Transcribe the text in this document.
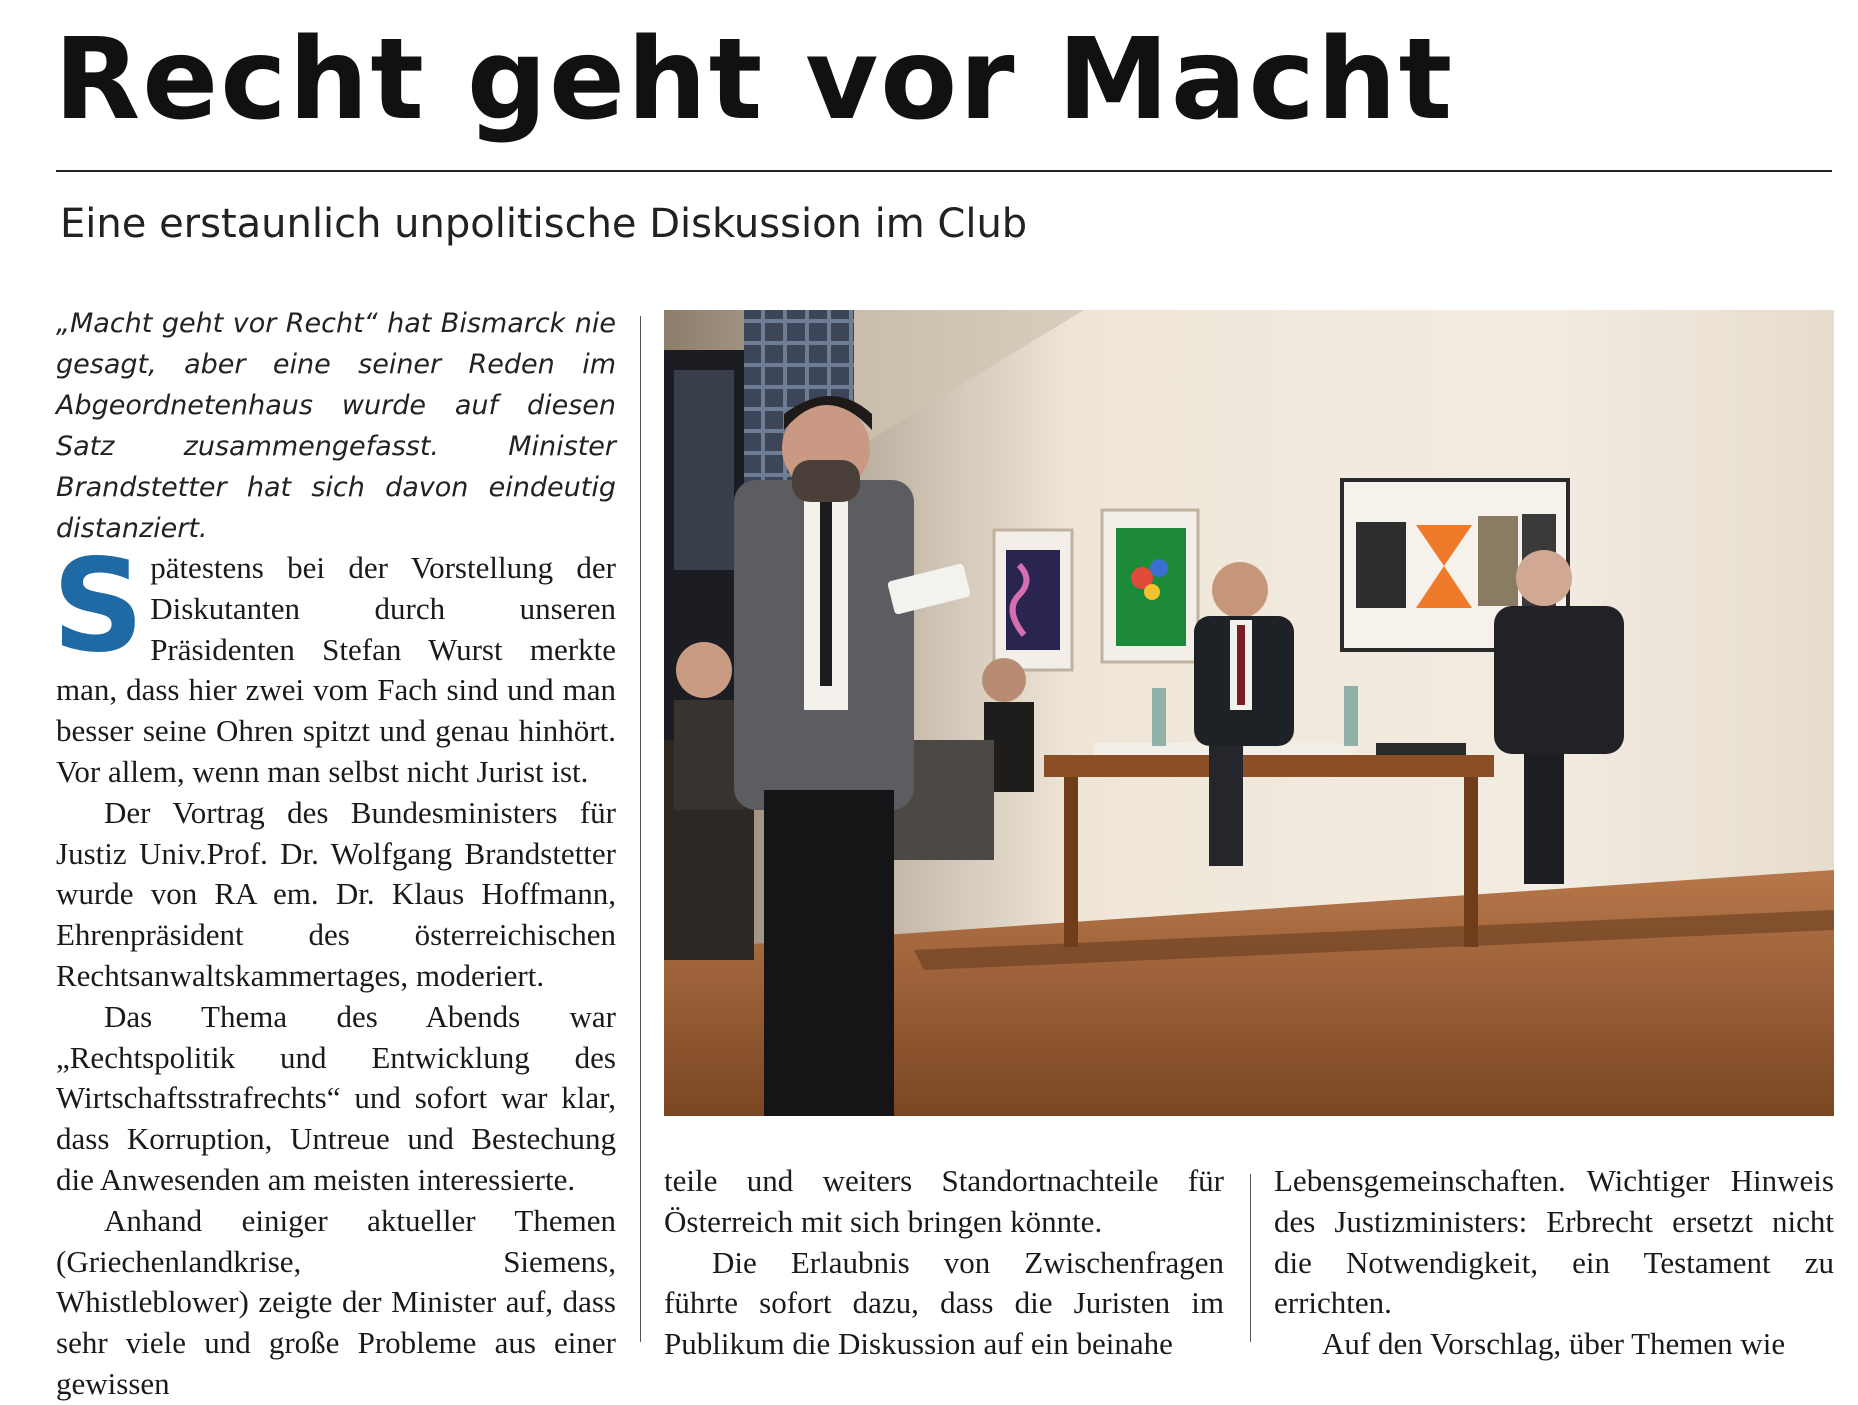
Recht geht vor Macht
Eine erstaunlich unpolitische Diskussion im Club

„Macht geht vor Recht“ hat Bismarck nie gesagt, aber eine seiner Reden im Abgeordnetenhaus wurde auf diesen Satz zusammengefasst. Minister Brandstetter hat sich davon eindeutig distanziert.

Spätestens bei der Vorstellung der Diskutanten durch unseren Präsidenten Stefan Wurst merkte man, dass hier zwei vom Fach sind und man besser seine Ohren spitzt und genau hinhört. Vor allem, wenn man selbst nicht Jurist ist.

Der Vortrag des Bundesministers für Justiz Univ.Prof. Dr. Wolfgang Brandstetter wurde von RA em. Dr. Klaus Hoffmann, Ehrenpräsident des österreichischen Rechtsanwaltskammertages, moderiert.

Das Thema des Abends war „Rechtspolitik und Entwicklung des Wirtschaftsstrafrechts“ und sofort war klar, dass Korruption, Untreue und Bestechung die Anwesenden am meisten interessierte.

Anhand einiger aktueller Themen (Griechenlandkrise, Siemens, Whistleblower) zeigte der Minister auf, dass sehr viele und große Probleme aus einer gewissen

teile und weiters Standortnachteile für Österreich mit sich bringen könnte.

Die Erlaubnis von Zwischenfragen führte sofort dazu, dass die Juristen im Publikum die Diskussion auf ein beinahe

Lebensgemeinschaften. Wichtiger Hinweis des Justizministers: Erbrecht ersetzt nicht die Notwendigkeit, ein Testament zu errichten.

Auf den Vorschlag, über Themen wie
